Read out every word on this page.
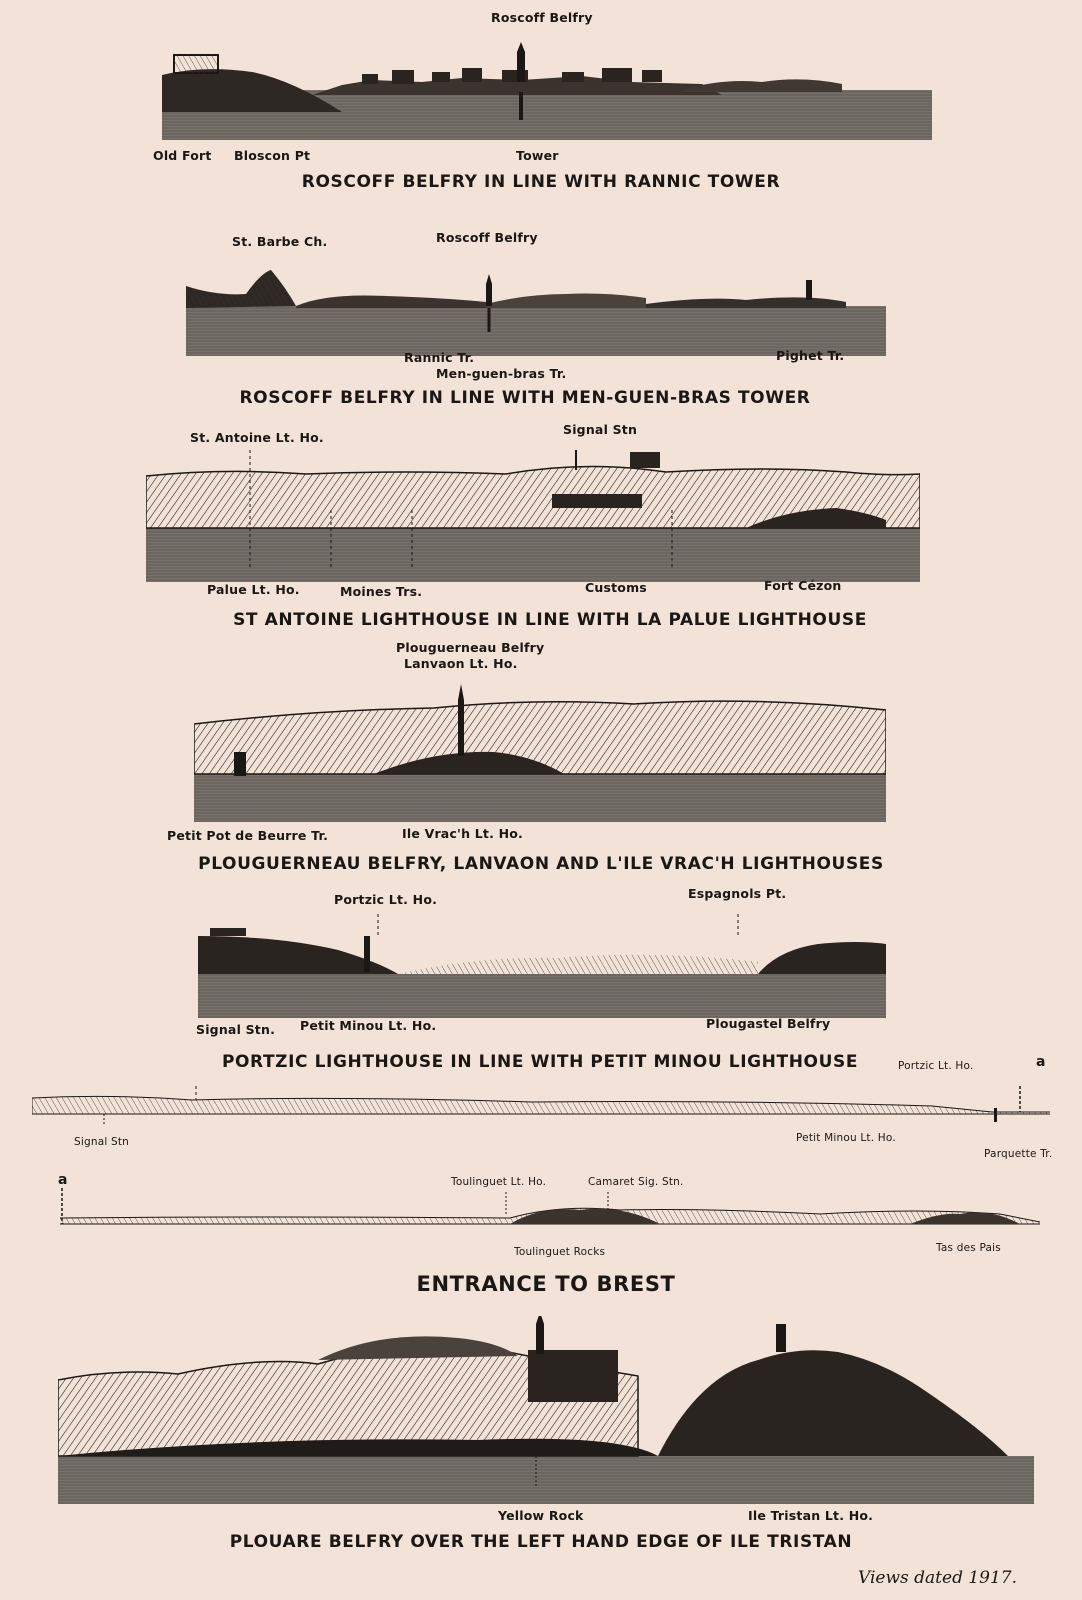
Roscoff Belfry
Old Fort Bloscon Pt	Tower
ROSCOFF BELFRY IN LINE WITH RANNIC TOWER
St. Barbe Ch.	Roscoff Belfry
Rannic Tr.
Men-guen-bras Tr.
Pighet Tr.
ROSCOFF BELFRY IN LINE WITH MEN-GUEN-BRAS TOWER
St. Antoine Lt. Ho.
Signal Stn
Palue Lt. Ho.	Moines Trs.	Customs	Fort Cézon
ST ANTOINE LIGHTHOUSE IN LINE WITH LA PALUE LIGHTHOUSE
Plouguerneau Belfry
Lanvaon Lt. Ho.
Petit Pot de Beurre Tr.	Ile Vrac'h Lt. Ho.
PLOUGUERNEAU BELFRY, LANVAON AND L'ILE VRAC'H LIGHTHOUSES
Portzic Lt. Ho.	Espagnols Pt.
Signal Stn. Petit Minou Lt. Ho.	Plougastel Belfry
PORTZIC LIGHTHOUSE IN LINE WITH PETIT MINOU LIGHTHOUSE	Portzic Lt. Ho.	a
Signal Stn	Petit Minou Lt. Ho.
Parquette Tr.
a	Toulinguet Lt. Ho.	Camaret Sig. Stn.
Toulinguet Rocks	Tas des Pais
ENTRANCE TO BREST
Yellow Rock	Ile Tristan Lt. Ho.
PLOUARE BELFRY OVER THE LEFT HAND EDGE OF ILE TRISTAN
Views dated 1917.
